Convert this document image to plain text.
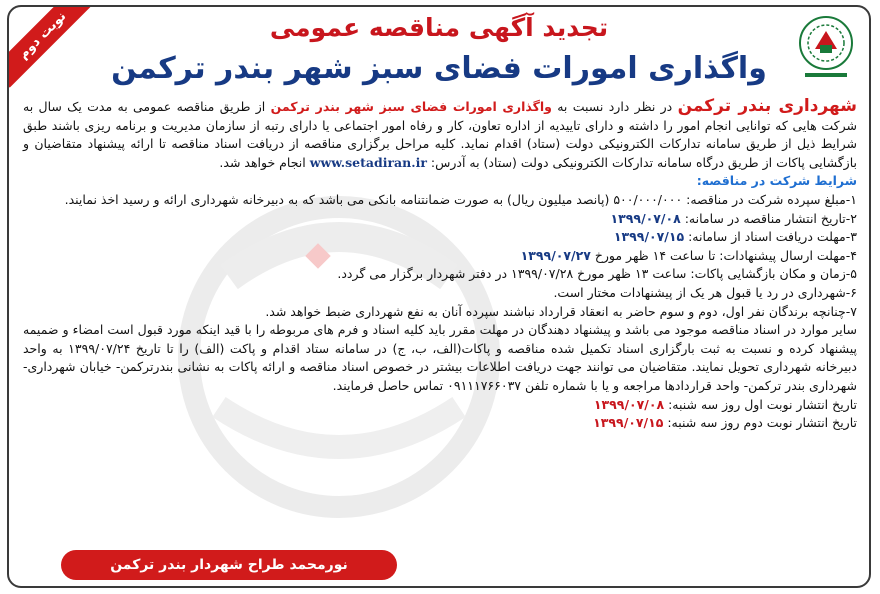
نوبت دوم	تجدید آگهی مناقصه عمومی
واگذاری امورات فضای سبز شهر بندر ترکمن

شهرداری بندر ترکمن در نظر دارد نسبت به واگذاری امورات فضای سبز شهر بندر ترکمن از طریق مناقصه عمومی به مدت یک سال به شرکت هایی که توانایی انجام امور را داشته و دارای تاییدیه از اداره تعاون، کار و رفاه امور اجتماعی یا دارای رتبه از سازمان مدیریت و برنامه ریزی باشند طبق شرایط ذیل از طریق سامانه تدارکات الکترونیکی دولت (ستاد) اقدام نماید. کلیه مراحل برگزاری مناقصه از دریافت اسناد مناقصه تا ارائه پیشنهاد متقاضیان و بازگشایی پاکات از طریق درگاه سامانه تدارکات الکترونیکی دولت (ستاد) به آدرس: www.setadiran.ir انجام خواهد شد.

شرایط شرکت در مناقصه:

۱-مبلغ سپرده شرکت در مناقصه: ۵۰۰/۰۰۰/۰۰۰ (پانصد میلیون ریال) به صورت ضمانتنامه بانکی می باشد که به دبیرخانه شهرداری ارائه و رسید اخذ نمایند.

۲-تاریخ انتشار مناقصه در سامانه: ۱۳۹۹/۰۷/۰۸

۳-مهلت دریافت اسناد از سامانه: ۱۳۹۹/۰۷/۱۵

۴-مهلت ارسال پیشنهادات: تا ساعت ۱۴ ظهر مورخ ۱۳۹۹/۰۷/۲۷

۵-زمان و مکان بازگشایی پاکات: ساعت ۱۳ ظهر مورخ ۱۳۹۹/۰۷/۲۸ در دفتر شهردار برگزار می گردد.

۶-شهرداری در رد یا قبول هر یک از پیشنهادات مختار است.

۷-چنانچه برندگان نفر اول، دوم و سوم حاضر به انعقاد قرارداد نباشند سپرده آنان به نفع شهرداری ضبط خواهد شد.

سایر موارد در اسناد مناقصه موجود می باشد و پیشنهاد دهندگان در مهلت مقرر باید کلیه اسناد و فرم های مربوطه را با قید اینکه مورد قبول است امضاء و ضمیمه پیشنهاد کرده و نسبت به ثبت بارگزاری اسناد تکمیل شده مناقصه و پاکات(الف، ب، ج) در سامانه ستاد اقدام و پاکت (الف) را تا تاریخ ۱۳۹۹/۰۷/۲۴ به واحد دبیرخانه شهرداری تحویل نمایند. متقاضیان می توانند جهت دریافت اطلاعات بیشتر در خصوص اسناد مناقصه و ارائه پاکات به نشانی بندرترکمن- خیابان شهرداری- شهرداری بندر ترکمن- واحد قراردادها مراجعه و یا با شماره تلفن ۰۹۱۱۱۷۶۶۰۳۷ تماس حاصل فرمایند.

تاریخ انتشار نوبت اول روز سه شنبه: ۱۳۹۹/۰۷/۰۸

تاریخ انتشار نوبت دوم روز سه شنبه: ۱۳۹۹/۰۷/۱۵

نورمحمد طراح شهردار بندر ترکمن
